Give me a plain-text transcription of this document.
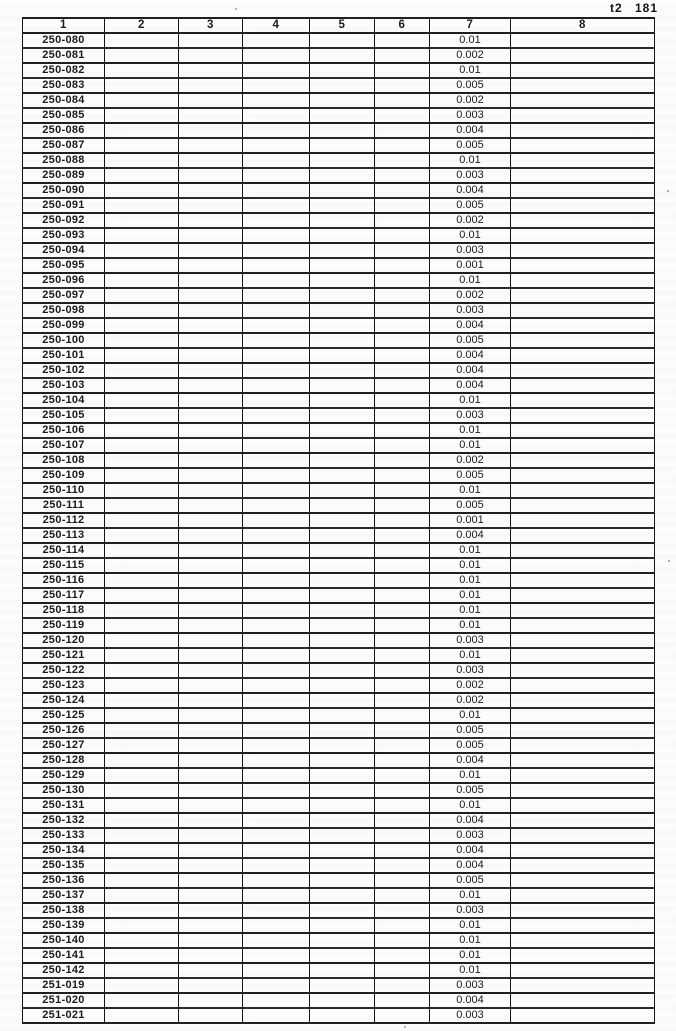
t2 181
1	2	3	4	5	6	7	8
250-080						0.01	
250-081						0.002	
250-082						0.01	
250-083						0.005	
250-084						0.002	
250-085						0.003	
250-086						0.004	
250-087						0.005	
250-088						0.01	
250-089						0.003	
250-090						0.004	
250-091						0.005	
250-092						0.002	
250-093						0.01	
250-094						0.003	
250-095						0.001	
250-096						0.01	
250-097						0.002	
250-098						0.003	
250-099						0.004	
250-100						0.005	
250-101						0.004	
250-102						0.004	
250-103						0.004	
250-104						0.01	
250-105						0.003	
250-106						0.01	
250-107						0.01	
250-108						0.002	
250-109						0.005	
250-110						0.01	
250-111						0.005	
250-112						0.001	
250-113						0.004	
250-114						0.01	
250-115						0.01	
250-116						0.01	
250-117						0.01	
250-118						0.01	
250-119						0.01	
250-120						0.003	
250-121						0.01	
250-122						0.003	
250-123						0.002	
250-124						0.002	
250-125						0.01	
250-126						0.005	
250-127						0.005	
250-128						0.004	
250-129						0.01	
250-130						0.005	
250-131						0.01	
250-132						0.004	
250-133						0.003	
250-134						0.004	
250-135						0.004	
250-136						0.005	
250-137						0.01	
250-138						0.003	
250-139						0.01	
250-140						0.01	
250-141						0.01	
250-142						0.01	
251-019						0.003	
251-020						0.004	
251-021						0.003	
